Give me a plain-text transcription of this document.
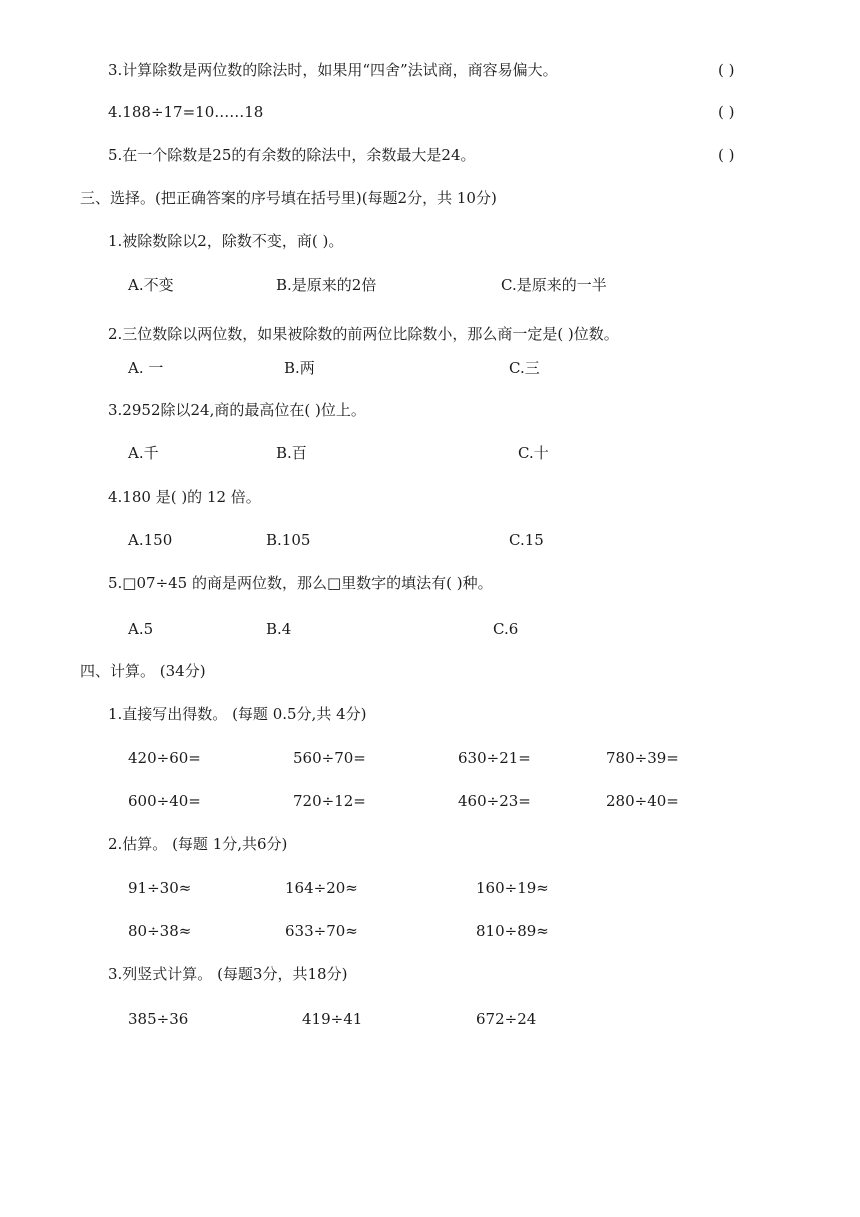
3.计算除数是两位数的除法时，如果用“四舍”法试商，商容易偏大。	( )
4.188÷17=10……18	( )
5.在一个除数是25的有余数的除法中，余数最大是24。	( )
三、选择。(把正确答案的序号填在括号里)(每题2分，共 10分)
1.被除数除以2，除数不变，商( )。
A.不变	B.是原来的2倍	C.是原来的一半
2.三位数除以两位数，如果被除数的前两位比除数小，那么商一定是( )位数。
A. 一	B.两	C.三
3.2952除以24,商的最高位在( )位上。
A.千	B.百	C.十
4.180 是( )的 12 倍。
A.150	B.105	C.15
5.□07÷45 的商是两位数，那么□里数字的填法有( )种。
A.5	B.4	C.6
四、计算。 (34分)
1.直接写出得数。 (每题 0.5分,共 4分)
420÷60=	560÷70=	630÷21=	780÷39=
600÷40=	720÷12=	460÷23=	280÷40=
2.估算。 (每题 1分,共6分)
91÷30≈	164÷20≈	160÷19≈
80÷38≈	633÷70≈	810÷89≈
3.列竖式计算。 (每题3分，共18分)
385÷36	419÷41	672÷24
